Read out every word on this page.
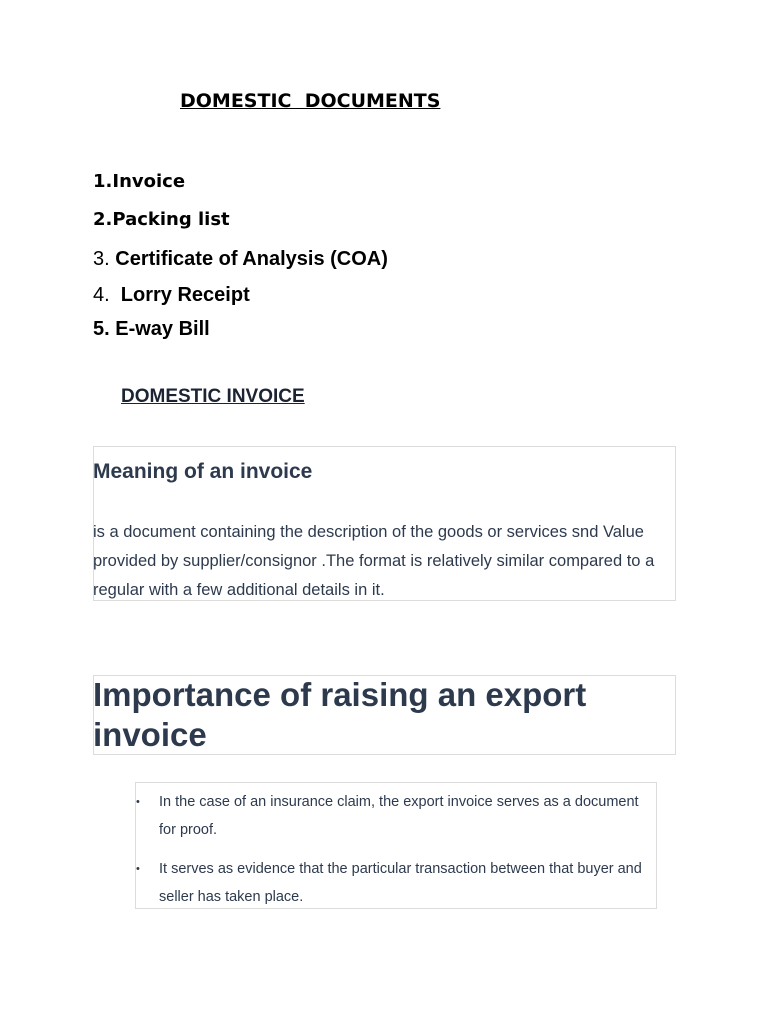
DOMESTIC  DOCUMENTS
1.Invoice
2.Packing list
3. Certificate of Analysis (COA)
4.  Lorry Receipt
5. E-way Bill
DOMESTIC INVOICE
Meaning of an invoice

is a document containing the description of the goods or services snd Value provided by supplier/consignor .The format is relatively similar compared to a regular with a few additional details in it.

Importance of raising an export invoice
• In the case of an insurance claim, the export invoice serves as a document for proof.
• It serves as evidence that the particular transaction between that buyer and seller has taken place.
